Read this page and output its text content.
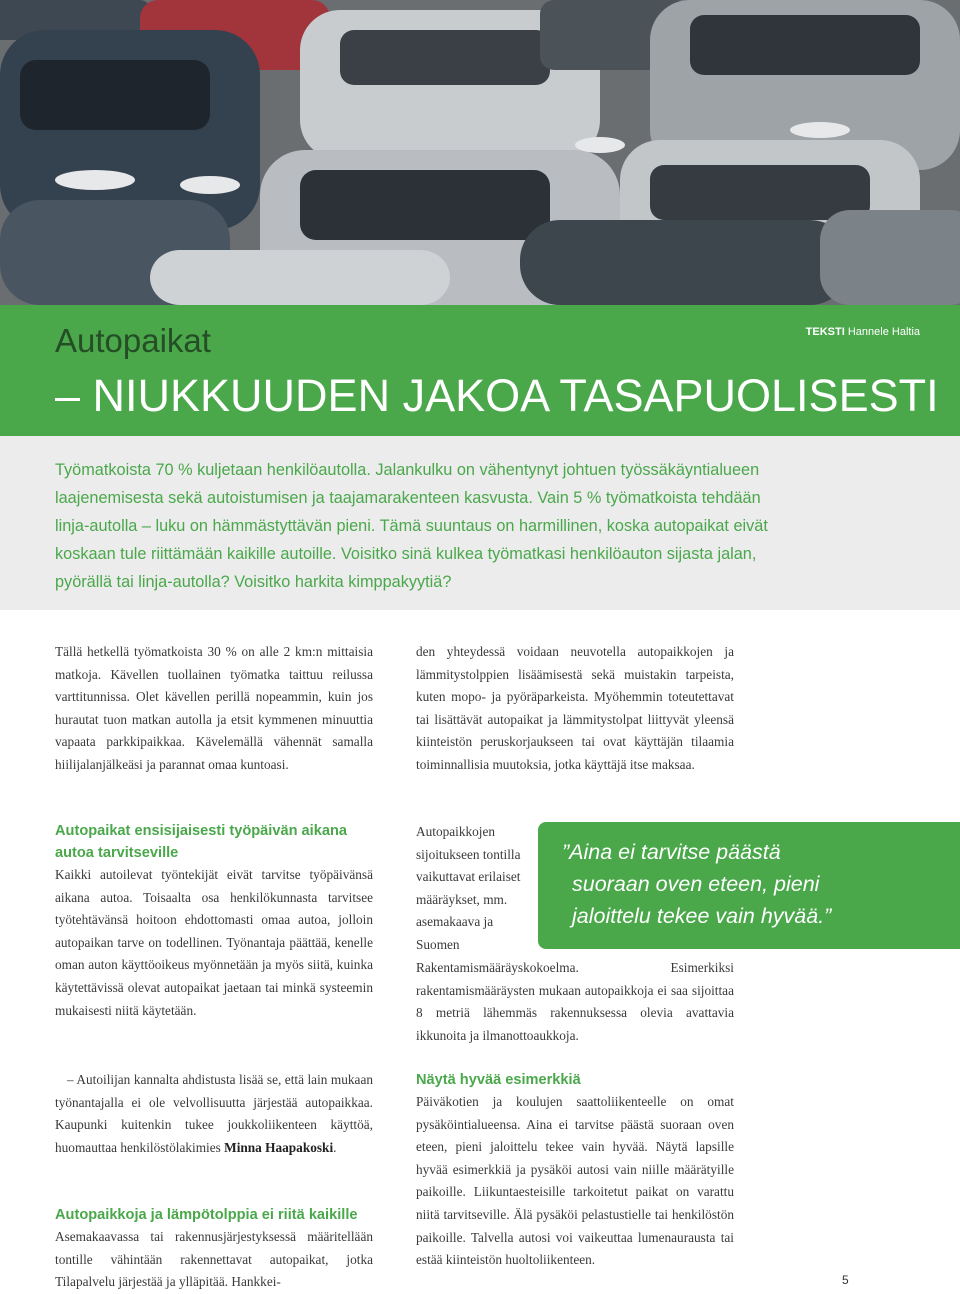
Autopaikat
– NIUKKUUDEN JAKOA TASAPUOLISESTI
TEKSTI Hannele Haltia

Työmatkoista 70 % kuljetaan henkilöautolla. Jalankulku on vähentynyt johtuen työssäkäyntialueen laajenemisesta sekä autoistumisen ja taajamarakenteen kasvusta. Vain 5 % työmatkoista tehdään linja-autolla – luku on hämmästyttävän pieni. Tämä suuntaus on harmillinen, koska autopaikat eivät koskaan tule riittämään kaikille autoille. Voisitko sinä kulkea työmatkasi henkilöauton sijasta jalan, pyörällä tai linja-autolla? Voisitko harkita kimppakyytiä?

Tällä hetkellä työmatkoista 30 % on alle 2 km:n mittaisia matkoja. Kävellen tuollainen työmatka taittuu reilussa varttitunnissa. Olet kävellen perillä nopeammin, kuin jos hurautat tuon matkan autolla ja etsit kymmenen minuuttia vapaata parkkipaikkaa. Kävelemällä vähennät samalla hiilijalanjälkeäsi ja parannat omaa kuntoasi.

Autopaikat ensisijaisesti työpäivän aikana autoa tarvitseville

Kaikki autoilevat työntekijät eivät tarvitse työpäivänsä aikana autoa. Toisaalta osa henkilökunnasta tarvitsee työtehtävänsä hoitoon ehdottomasti omaa autoa, jolloin autopaikan tarve on todellinen. Työnantaja päättää, kenelle oman auton käyttöoikeus myönnetään ja myös siitä, kuinka käytettävissä olevat autopaikat jaetaan tai minkä systeemin mukaisesti niitä käytetään.

– Autoilijan kannalta ahdistusta lisää se, että lain mukaan työnantajalla ei ole velvollisuutta järjestää autopaikkaa. Kaupunki kuitenkin tukee joukkoliikenteen käyttöä, huomauttaa henkilöstölakimies Minna Haapakoski.

Autopaikkoja ja lämpötolppia ei riitä kaikille

Asemakaavassa tai rakennusjärjestyksessä määritellään tontille vähintään rakennettavat autopaikat, jotka Tilapalvelu järjestää ja ylläpitää. Hankkei-

den yhteydessä voidaan neuvotella autopaikkojen ja lämmitystolppien lisäämisestä sekä muistakin tarpeista, kuten mopo- ja pyöräparkeista. Myöhemmin toteutettavat tai lisättävät autopaikat ja lämmitystolpat liittyvät yleensä kiinteistön peruskorjaukseen tai ovat käyttäjän tilaamia toiminnallisia muutoksia, jotka käyttäjä itse maksaa.

Autopaikkojen sijoitukseen tontilla vaikuttavat erilaiset määräykset, mm. asemakaava ja Suomen

Rakentamismääräyskokoelma. Esimerkiksi rakentamismääräysten mukaan autopaikkoja ei saa sijoittaa 8 metriä lähemmäs rakennuksessa olevia avattavia ikkunoita ja ilmanottoaukkoja.

”Aina ei tarvitse päästä
suoraan oven eteen, pieni
jaloittelu tekee vain hyvää.”

Näytä hyvää esimerkkiä

Päiväkotien ja koulujen saattoliikenteelle on omat pysäköintialueensa. Aina ei tarvitse päästä suoraan oven eteen, pieni jaloittelu tekee vain hyvää. Näytä lapsille hyvää esimerkkiä ja pysäköi autosi vain niille määrätyille paikoille. Liikuntaesteisille tarkoitetut paikat on varattu niitä tarvitseville. Älä pysäköi pelastustielle tai henkilöstön paikoille. Talvella autosi voi vaikeuttaa lumenaurausta tai estää kiinteistön huoltoliikenteen.

5
